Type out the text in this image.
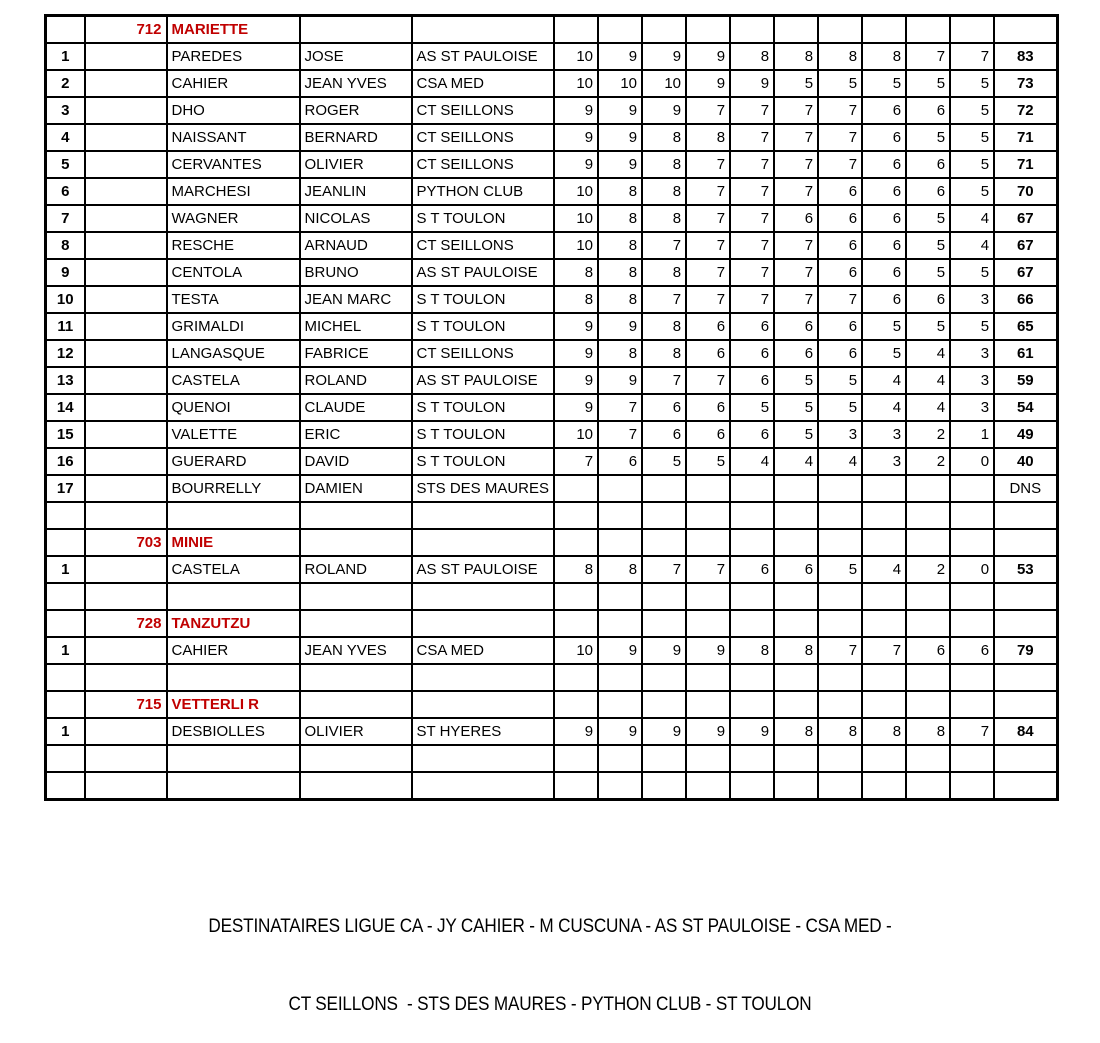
	712	MARIETTE													
1		PAREDES	JOSE	AS ST PAULOISE	10	9	9	9	8	8	8	8	7	7	83
2		CAHIER	JEAN YVES	CSA MED	10	10	10	9	9	5	5	5	5	5	73
3		DHO	ROGER	CT SEILLONS	9	9	9	7	7	7	7	6	6	5	72
4		NAISSANT	BERNARD	CT SEILLONS	9	9	8	8	7	7	7	6	5	5	71
5		CERVANTES	OLIVIER	CT SEILLONS	9	9	8	7	7	7	7	6	6	5	71
6		MARCHESI	JEANLIN	PYTHON CLUB	10	8	8	7	7	7	6	6	6	5	70
7		WAGNER	NICOLAS	S T TOULON	10	8	8	7	7	6	6	6	5	4	67
8		RESCHE	ARNAUD	CT SEILLONS	10	8	7	7	7	7	6	6	5	4	67
9		CENTOLA	BRUNO	AS ST PAULOISE	8	8	8	7	7	7	6	6	5	5	67
10		TESTA	JEAN MARC	S T TOULON	8	8	7	7	7	7	7	6	6	3	66
11		GRIMALDI	MICHEL	S T TOULON	9	9	8	6	6	6	6	5	5	5	65
12		LANGASQUE	FABRICE	CT SEILLONS	9	8	8	6	6	6	6	5	4	3	61
13		CASTELA	ROLAND	AS ST PAULOISE	9	9	7	7	6	5	5	4	4	3	59
14		QUENOI	CLAUDE	S T TOULON	9	7	6	6	5	5	5	4	4	3	54
15		VALETTE	ERIC	S T TOULON	10	7	6	6	6	5	3	3	2	1	49
16		GUERARD	DAVID	S T TOULON	7	6	5	5	4	4	4	3	2	0	40
17		BOURRELLY	DAMIEN	STS DES MAURES											DNS

	703	MINIE													
1		CASTELA	ROLAND	AS ST PAULOISE	8	8	7	7	6	6	5	4	2	0	53

	728	TANZUTZU													
1		CAHIER	JEAN YVES	CSA MED	10	9	9	9	8	8	7	7	6	6	79

	715	VETTERLI R													
1		DESBIOLLES	OLIVIER	ST HYERES	9	9	9	9	9	8	8	8	8	7	84

DESTINATAIRES LIGUE CA - JY CAHIER - M CUSCUNA - AS ST PAULOISE - CSA MED -

CT SEILLONS  - STS DES MAURES - PYTHON CLUB - ST TOULON
